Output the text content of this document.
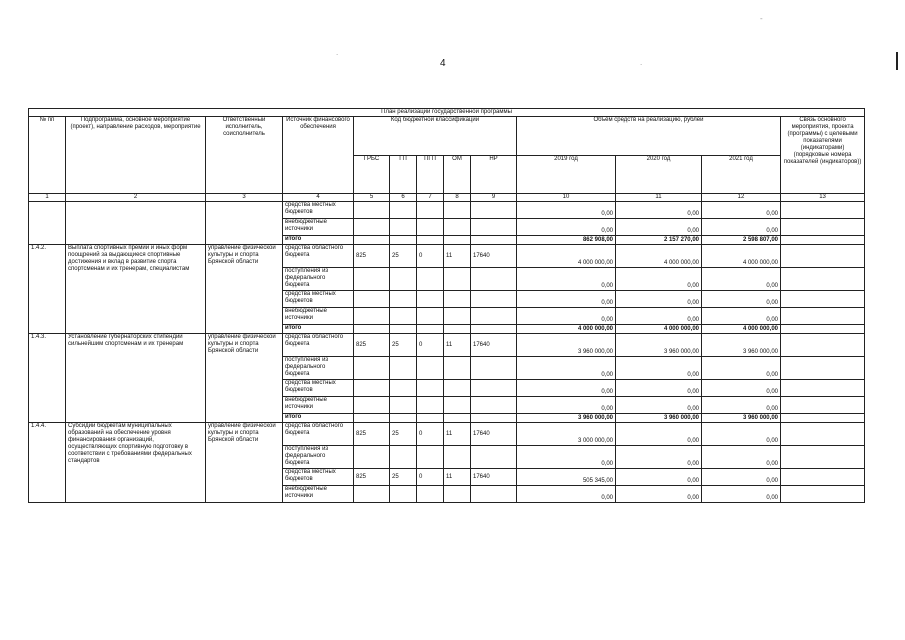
4
-
.
.
План реализации государственной программы												
№ пп	Подпрограмма, основное мероприятие (проект), направление расходов, мероприятие	Ответственный исполнитель, соисполнитель	Источник финансового обеспечения	Код бюджетной классификации					Объём средств на реализацию, рублей			Связь основного мероприятия, проекта (программы) с целевыми показателями (индикаторами) (порядковые номера показателей (индикаторов))
				ГРБС	ГП	ПГП	ОМ	НР	2019 год	2020 год	2021 год	
1	2	3	4	5	6	7	8	9	10	11	12	13
			средства местных бюджетов						0,00	0,00	0,00	
			внебюджетные источники						0,00	0,00	0,00	
			итого						862 908,00	2 157 270,00	2 598 807,00	
1.4.2.	Выплата спортивных премий и иных форм поощрений за выдающиеся спортивные достижения и вклад в развитие спорта спортсменам и их тренерам, специалистам	управление физической культуры и спорта Брянской области	средства областного бюджета	825	25	0	11	17640	4 000 000,00	4 000 000,00	4 000 000,00	
			поступления из федерального бюджета						0,00	0,00	0,00	
			средства местных бюджетов						0,00	0,00	0,00	
			внебюджетные источники						0,00	0,00	0,00	
			итого						4 000 000,00	4 000 000,00	4 000 000,00	
1.4.3.	Установление губернаторских стипендий сильнейшим спортсменам и их тренерам	управление физической культуры и спорта Брянской области	средства областного бюджета	825	25	0	11	17640	3 960 000,00	3 960 000,00	3 960 000,00	
			поступления из федерального бюджета						0,00	0,00	0,00	
			средства местных бюджетов						0,00	0,00	0,00	
			внебюджетные источники						0,00	0,00	0,00	
			итого						3 960 000,00	3 960 000,00	3 960 000,00	
1.4.4.	Субсидии бюджетам муниципальных образований на обеспечение уровня финансирования организаций, осуществляющих спортивную подготовку в соответствии с требованиями федеральных стандартов	управление физической культуры и спорта Брянской области	средства областного бюджета	825	25	0	11	17640	3 000 000,00	0,00	0,00	
			поступления из федерального бюджета						0,00	0,00	0,00	
			средства местных бюджетов	825	25	0	11	17640	505 345,00	0,00	0,00	
			внебюджетные источники						0,00	0,00	0,00	
